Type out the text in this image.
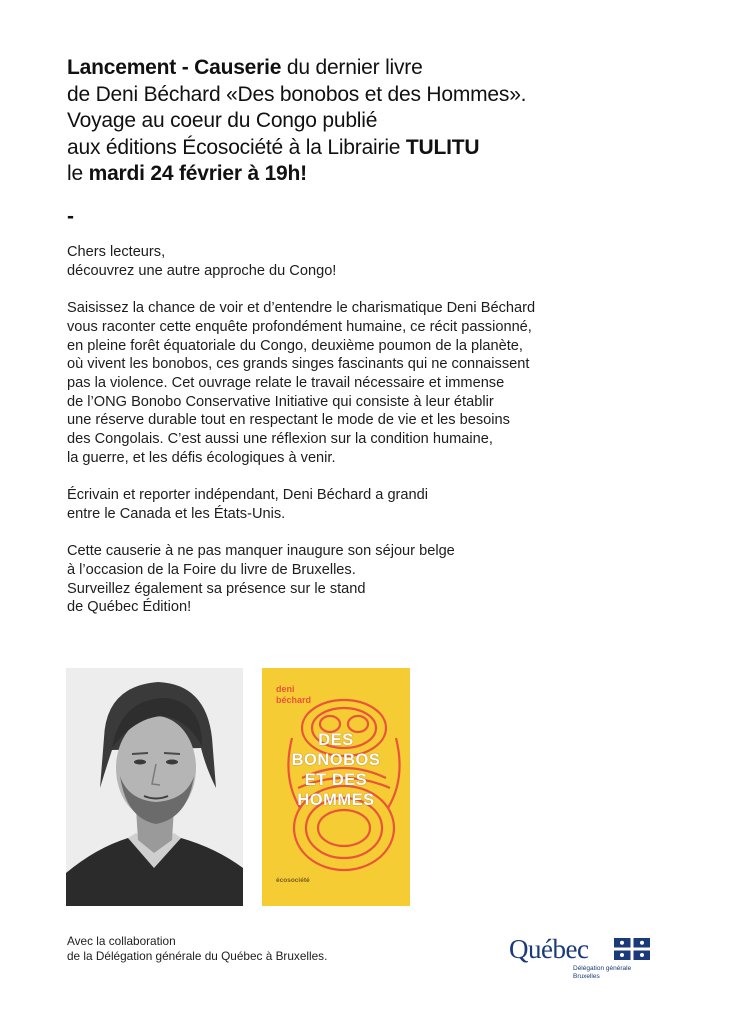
Lancement - Causerie du dernier livre
de Deni Béchard «Des bonobos et des Hommes».
Voyage au coeur du Congo publié
aux éditions Écosociété à la Librairie TULITU
le mardi 24 février à 19h!
-

Chers lecteurs,
découvrez une autre approche du Congo!

Saisissez la chance de voir et d’entendre le charismatique Deni Béchard
vous raconter cette enquête profondément humaine, ce récit passionné,
en pleine forêt équatoriale du Congo, deuxième poumon de la planète,
où vivent les bonobos, ces grands singes fascinants qui ne connaissent
pas la violence. Cet ouvrage relate le travail nécessaire et immense
de l’ONG Bonobo Conservative Initiative qui consiste à leur établir
une réserve durable tout en respectant le mode de vie et les besoins
des Congolais. C’est aussi une réflexion sur la condition humaine,
la guerre, et les défis écologiques à venir.

Écrivain et reporter indépendant, Deni Béchard a grandi
entre le Canada et les États-Unis.

Cette causerie à ne pas manquer inaugure son séjour belge
à l’occasion de la Foire du livre de Bruxelles.
Surveillez également sa présence sur le stand
de Québec Édition!

deni
béchard
DES
BONOBOS
ET DES
HOMMES
écosociété
Avec la collaboration
de la Délégation générale du Québec à Bruxelles.	Québec
Délégation générale
Bruxelles
